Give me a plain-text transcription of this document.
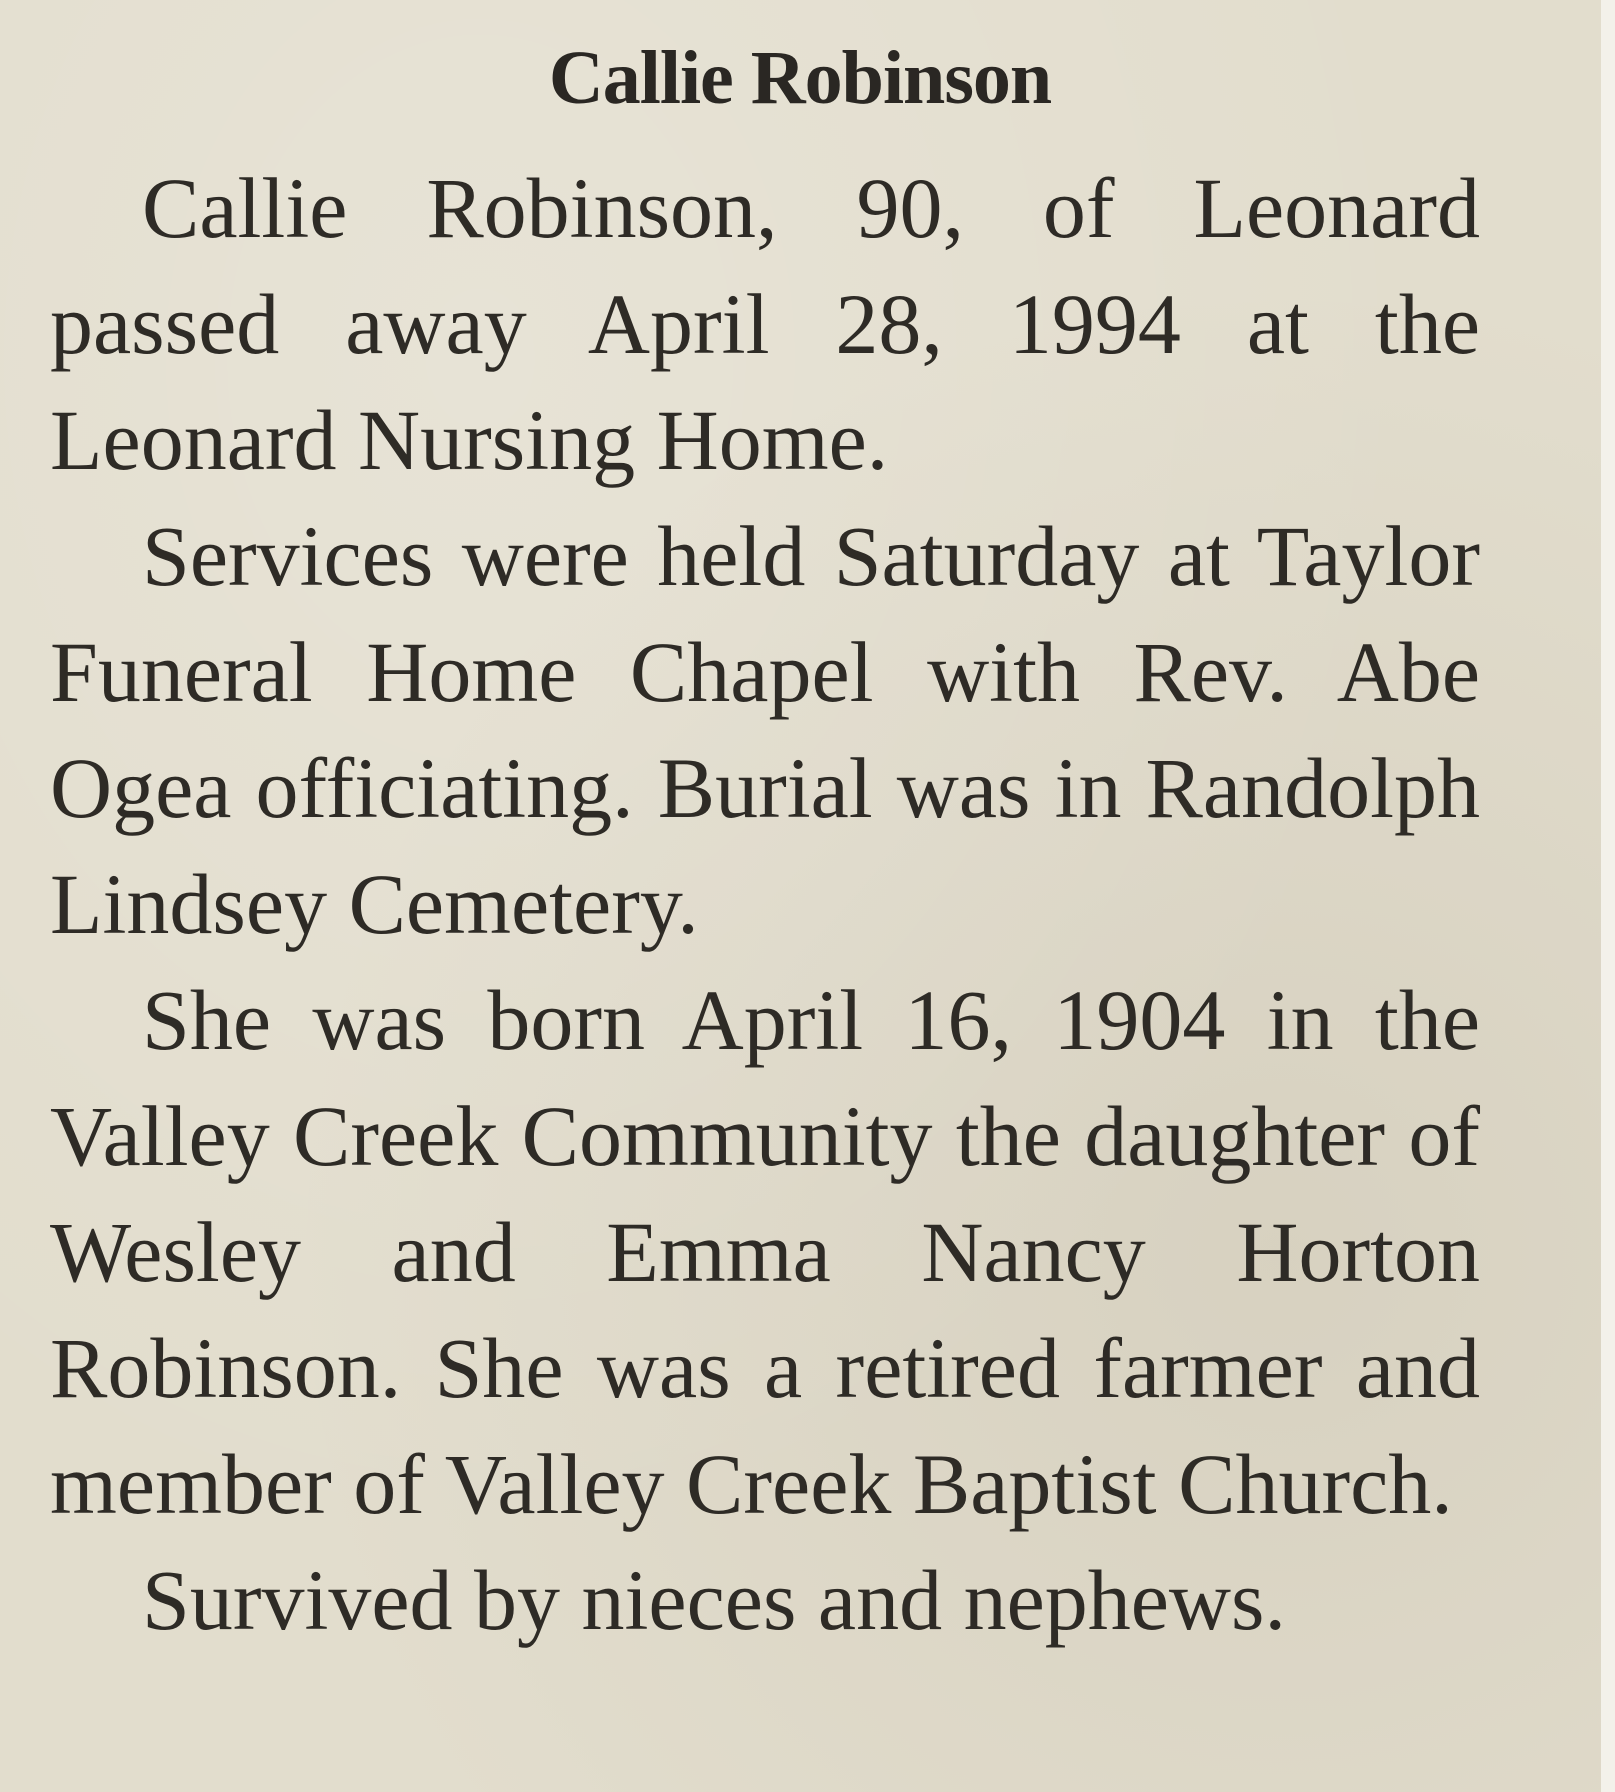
Callie Robinson

Callie Robinson, 90, of Leonard passed away April 28, 1994 at the Leonard Nursing Home.

Services were held Saturday at Taylor Funeral Home Chapel with Rev. Abe Ogea officiating. Burial was in Randolph Lindsey Cemetery.

She was born April 16, 1904 in the Valley Creek Community the daughter of Wesley and Emma Nancy Horton Robinson. She was a retired farmer and member of Valley Creek Baptist Church.

Survived by nieces and nephews.
